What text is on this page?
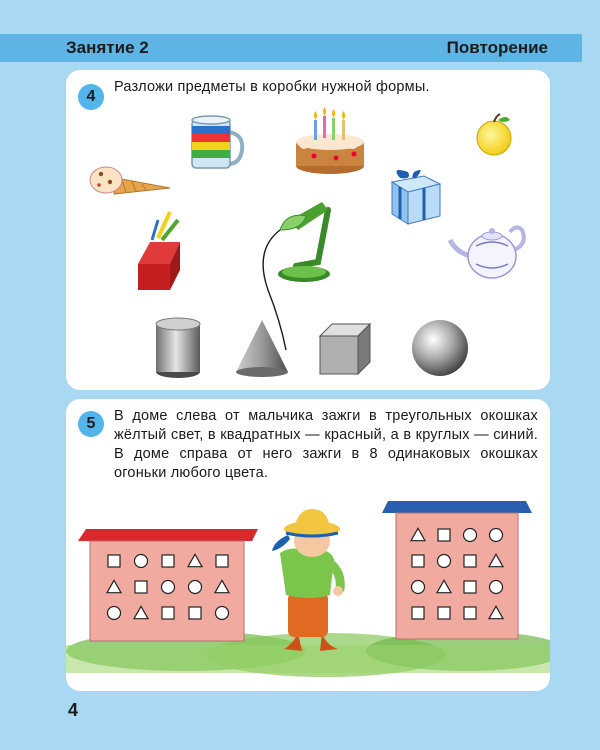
Занятие 2	Повторение
4
Разложи предметы в коробки нужной формы.
5	В доме слева от мальчика зажги в треугольных окошках жёлтый свет, в квадратных — красный, а в круглых — синий. В доме справа от него зажги в 8 одинаковых окошках огоньки любого цвета.
4
